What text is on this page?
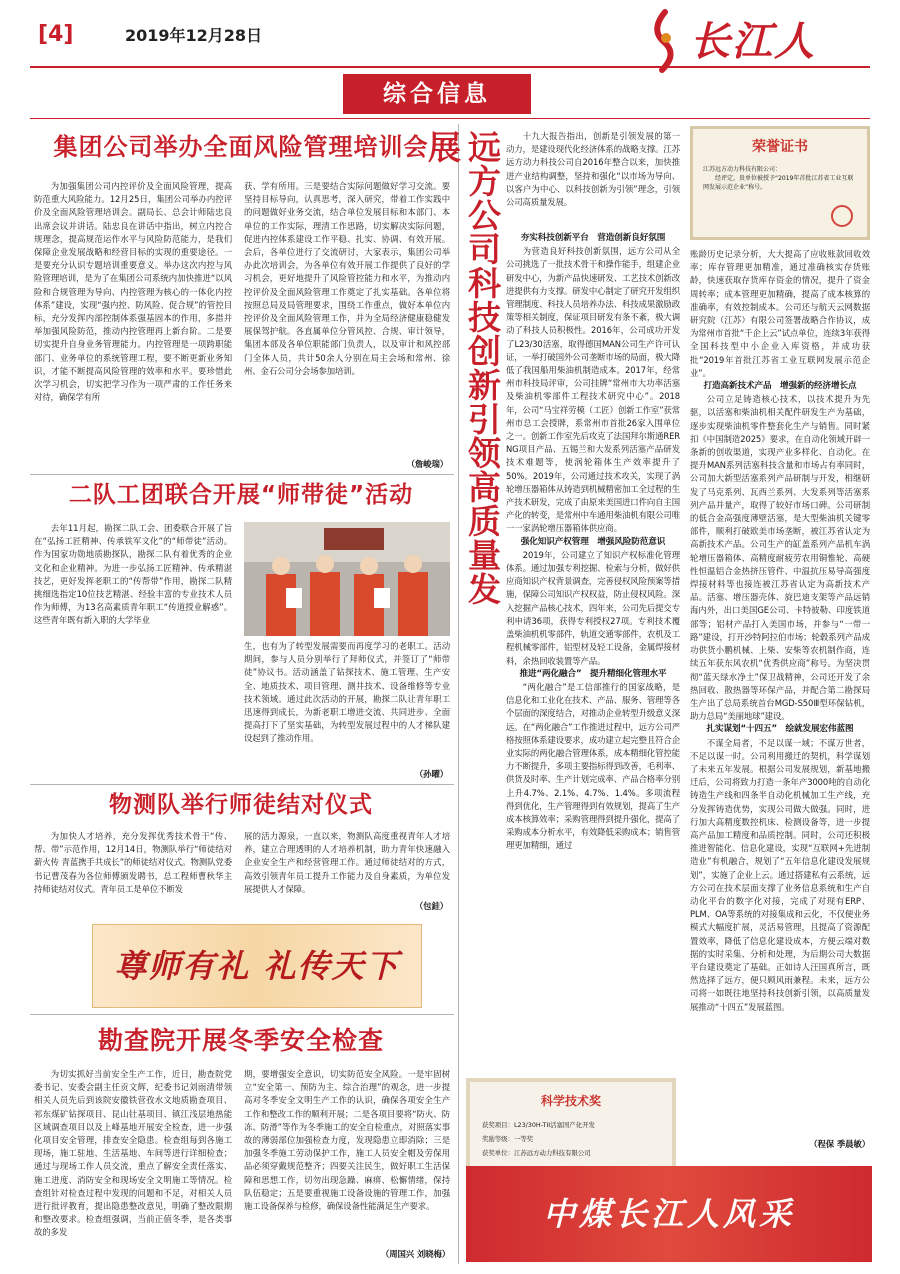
[4]	2019年12月28日
综合信息
长江人
集团公司举办全面风险管理培训会

为加强集团公司内控评价及全面风险管理，提高防范重大风险能力。12月25日，集团公司举办内控评价及全面风险管理培训会。副局长、总会计师陆忠良出席会议并讲话。陆忠良在讲话中指出，树立内控合规理念，提高规范运作水平与风险防范能力，是我们保障企业发展战略和经营目标的实现的重要途径。一是要充分认识专题培训重要意义。举办这次内控与风险管理培训，是为了在集团公司系统内加快推进“以风险和合规管理为导向、内控管理为核心的一体化内控体系”建设，实现“强内控、防风险、促合规”的管控目标，充分发挥内部控制体系强基固本的作用，多措并举加强风险防范，推动内控管理再上新台阶。二是要切实提升自身业务管理能力。内控管理是一项跨职能部门、业务单位的系统管理工程，要不断更新业务知识，才能不断提高风险管理的效率和水平。要珍惜此次学习机会，切实把学习作为一项严肃的工作任务来对待，确保学有所

获、学有所用。三是要结合实际问题做好学习交流。要坚持目标导向，认真思考，深入研究，带着工作实践中的问题做好业务交流，结合单位发展目标和本部门、本单位的工作实际，理清工作思路，切实解决实际问题，促进内控体系建设工作平稳、扎实、协调、有效开展。会后，各单位进行了交流研讨，大家表示，集团公司举办此次培训会，为各单位有效开展工作提供了良好的学习机会，更好地提升了风险管控能力和水平，为推动内控评价及全面风险管理工作奠定了扎实基础。各单位将按照总局及局管理要求，围绕工作重点，做好本单位内控评价及全面风险管理工作，并为全局经济健康稳健发展保驾护航。各直属单位分管风控、合规、审计领导，集团本部及各单位职能部门负责人，以及审计和风控部门全体人员，共计50余人分别在局主会场和常州、徐州、金石公司分会场参加培训。

（詹峻瑞）
二队工团联合开展“师带徒”活动

去年11月起，勘探二队工会、团委联合开展了旨在“弘扬工匠精神、传承铁军文化”的“师带徒”活动。作为国家功勋地质勘探队，勘探二队有着优秀的企业文化和企业精神。为进一步弘扬工匠精神、传承精湛技艺，更好发挥老职工的“传帮带”作用，勘探二队精挑细选指定10位技艺精湛、经验丰富的专业技术人员作为师傅，为13名高素质青年职工“传道授业解惑”。这些青年既有新入职的大学毕业

生，也有为了转型发展需要而再度学习的老职工。活动期间，参与人员分别举行了拜师仪式，并签订了“师带徒”协议书。活动涵盖了钻探技术、施工管理、生产安全、地质技术、项目管理、测井技术、设备维修等专业技术领域。通过此次活动的开展，勘探二队让青年职工迅速得到成长，为新老职工增进交流、共同进步、全面提高打下了坚实基础，为转型发展过程中的人才梯队建设起到了推动作用。

（孙曜）
物测队举行师徒结对仪式

为加快人才培养，充分发挥优秀技术骨干“传、帮、带”示范作用，12月14日，物测队举行“师徒结对薪火传 青蓝携手共成长”的师徒结对仪式。物测队党委书记曹茂春为各位师傅颁发聘书，总工程师曹秋华主持师徒结对仪式。青年员工是单位不断发

展的活力源泉，一直以来，物测队高度重视青年人才培养，建立合理透明的人才培养机制，助力青年快速融入企业安全生产和经营管理工作。通过师徒结对的方式，高效引领青年员工提升工作能力及自身素质，为单位发展提供人才保障。

（包銈）
尊师有礼 礼传天下
勘查院开展冬季安全检查

为切实抓好当前安全生产工作，近日，勘查院党委书记、安委会副主任贡文辉，纪委书记刘雨清带领相关人员先后到该院安徽铁营孜水文地质勘查项目、祁东煤矿钻探项目、昆山钍基项目、镇江浅层地热能区域调查项目以及上峰基地开展安全检查，进一步强化项目安全管理，排查安全隐患。检查组每到各施工现场，施工驻地、生活基地、车间等进行详细检查；通过与现场工作人员交流，重点了解安全责任落实、施工进度、消防安全和现场安全文明施工等情况。检查组针对检查过程中发现的问题和不足，对相关人员进行批评教育，提出隐患整改意见，明确了整改限期和整改要求。检查组强调，当前正值冬季，是各类事故的多发

期，要增强安全意识，切实防范安全风险。一是牢固树立“安全第一、预防为主、综合治理”的观念，进一步提高对冬季安全文明生产工作的认识，确保各项安全生产工作和整改工作的顺利开展；二是各项目要将“防火、防冻、防滑”等作为冬季施工的安全自检重点，对照落实事故的薄弱部位加强检查力度，发现隐患立即消除；三是加强冬季施工劳动保护工作，施工人员安全帽及劳保用品必须穿戴规范整齐；四要关注民生，做好职工生活保障和思想工作，切勿出现急躁、麻痹、松懈情绪，保持队伍稳定；五是要重视施工设备设施的管理工作，加强施工设备保养与检修，确保设备性能满足生产要求。

（周国兴 刘晓梅）
远方公司科技创新引领高质量发展	十九大报告指出，创新是引领发展的第一动力，是建设现代化经济体系的战略支撑。江苏远方动力科技公司自2016年整合以来，加快推进产业结构调整，坚持和强化“以市场为导向、以客户为中心、以科技创新为引领”理念，引领公司高质量发展。

荣誉证书
江苏远方动力科技有限公司：
经评定，贵单位被授予“2019年首批江苏省工业互联网发展示范企业”称号。

夯实科技创新平台　营造创新良好氛围

为营造良好科技创新氛围，远方公司从全公司挑选了一批技术骨干和操作能手，组建企业研发中心，为新产品快速研发、工艺技术创新改进提供有力支撑。研发中心制定了研究开发组织管理制度、科技人员培养办法、科技成果激励政策等相关制度，保证项目研发有条不紊，极大调动了科技人员积极性。2016年，公司成功开发了L23/30活塞，取得德国MAN公司生产许可认证，一举打破国外公司垄断市场的局面，极大降低了我国船用柴油机制造成本。2017年，经常州市科技局评审，公司挂牌“常州市大功率活塞及柴油机零部件工程技术研究中心”。2018年，公司“马宝祥劳模（工匠）创新工作室”获常州市总工会授牌，系常州市首批26家入围单位之一。创新工作室先后攻克了法国拜尔斯通RER NG项目产品、五锡兰和大发系列活塞产品研发技术难题等，使涡轮箱体生产效率提升了50%。2019年，公司通过技术攻关，实现了涡轮增压器箱体从铸造到机械精密加工全过程的生产技术研发，完成了由原来美国进口件向自主国产化的转变，是常州中车通用柴油机有限公司唯一一家涡轮增压器箱体供应商。

强化知识产权管理　增强风险防范意识

2019年，公司建立了知识产权标准化管理体系。通过加强专利挖掘、检索与分析，做好供应商知识产权背景调查，完善侵权风险预案等措施，保障公司知识产权权益，防止侵权风险。深入挖掘产品核心技术，四年来，公司先后提交专利申请36项，获得专利授权27项。专利技术覆盖柴油机机零部件，轨道交通零部件，农机及工程机械零部件，铝型材及轻工设备，金属焊接材料，余热回收装置等产品。

推进“两化融合”　提升精细化管理水平

“两化融合”是工信部推行的国家战略，是信息化和工业化在技术、产品、服务、管理等各个层面的深度结合，对推动企业转型升级意义深远。在“两化融合”工作推进过程中，远方公司严格按照体系建设要求，成功建立起完整且符合企业实际的两化融合管理体系，成本精细化管控能力不断提升，多项主要指标得到改善，毛利率、供货及时率、生产计划完成率、产品合格率分别上升4.7%、2.1%、4.7%、1.4%。多项流程得到优化，生产管理得到有效规划，提高了生产成本核算效率；采购管理得到提升强化，提高了采购成本分析水平，有效降低采购成本；销售管理更加精细，通过

账龄历史记录分析，大大提高了应收账款回收效率；库存管理更加精准，通过准确核实存货账龄，快速获取存货库存资金的情况，提升了资金周转率；成本管理更加精确，提高了成本核算的准确率，有效控制成本。公司还与航天云网数据研究院（江苏）有限公司签署战略合作协议，成为常州市首批“千企上云”试点单位，连续3年获得全国科技型中小企业入库资格，并成功获批“2019年首批江苏省工业互联网发展示范企业”。

打造高新技术产品　增强新的经济增长点

公司立足铸造核心技术，以技术提升为先驱，以活塞和柴油机相关配件研发生产为基础，逐步实现柴油机零件整套化生产与销售。同时紧扣《中国制造2025》要求，在自动化领域开辟一条新的创收渠道，实现产业多样化、自动化。在提升MAN系列活塞科技含量和市场占有率同时，公司加大新型活塞系列产品研制与开发，相继研发了马克系列、瓦西兰系列、大发系列等活塞系列产品并量产，取得了较好市场口碑。公司研制的低合金高强度薄壁活塞，是大型柴油机关键零部件，顺利打破欧美市场垄断，被江苏省认定为高新技术产品。公司生产的缸盖系列产品机车涡轮增压器箱体、高精度耐疲劳农用铜惟轮、高硬性恒温铝合金热挤压管件、中温抗压易导高强度焊接材料等也接连被江苏省认定为高新技术产品。活塞、增压器壳体、旋巴迪支架等产品远销海内外，出口美国GE公司、卡特彼勒、印度铁道部等；铝材产品打入美国市场，并参与“一带一路”建设，打开沙特阿拉伯市场；轮毂系列产品成功供货小鹏机械、上柴、安柴等农机制作商，连续五年获东风农机“优秀供应商”称号。为坚决贯彻“蓝天绿水净土”保卫战精神，公司还开发了余热回收、散热器等环保产品，并配合第二勘探局生产出了总局系统首台MGD-S50Ⅲ型环保钻机，助力总局“美丽地球”建设。

扎实谋划“十四五”　绘就发展宏伟蓝图

不谋全局者，不足以谋一域；不谋万世者，不足以谋一时。公司利用搬迁的契机，科学谋划了未来五年发展。根据公司发展规划，新基地搬迁后，公司将致力打造一条年产3000吨的自动化铸造生产线和四条半自动化机械加工生产线，充分发挥铸造优势，实现公司做大做强。同时，进行加大高精度数控机床、检测设备等，进一步提高产品加工精度和品质控制。同时，公司还积极推进智能化、信息化建设，实现“互联网+先进制造业”有机融合，规划了“五年信息化建设发展规划”，实施了企业上云。通过搭建私有云系统，远方公司在技术层面支撑了业务信息系统和生产自动化平台的数字化对接，完成了对现有ERP、PLM、OA等系统的对接集成和云化，不仅便业务模式大幅度扩展，灵活易管理，且提高了资源配置效率，降低了信息化建设成本，方便云端对数据的实时采集、分析和处理，为后期公司大数据平台建设奠定了基础。正如诗人汪国真所言，既然选择了远方，便只顾风雨兼程。未来，远方公司将一如既往地坚持科技创新引领，以高质量发展推动“十四五”发展蓝图。

（程保 季晨敏）
科学技术奖
获奖项目：L23/30H-TII活塞国产化开发
奖励等级：一等奖
获奖单位：江苏远方动力科技有限公司
中煤长江人风采
